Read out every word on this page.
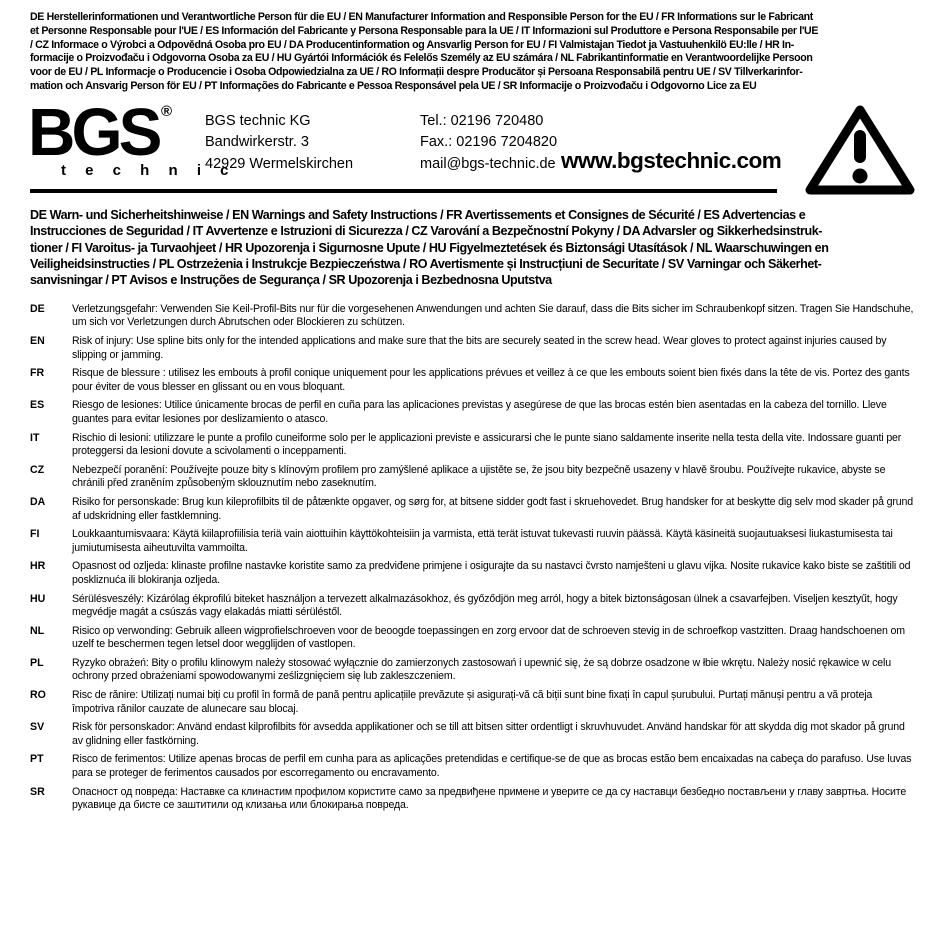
DE Herstellerinformationen und Verantwortliche Person für die EU / EN Manufacturer Information and Responsible Person for the EU / FR Informations sur le Fabricant
et Personne Responsable pour l'UE / ES Información del Fabricante y Persona Responsable para la UE / IT Informazioni sul Produttore e Persona Responsabile per l'UE
/ CZ Informace o Výrobci a Odpovědná Osoba pro EU / DA Producentinformation og Ansvarlig Person for EU / FI Valmistajan Tiedot ja Vastuuhenkilö EU:lle / HR In-
formacije o Proizvođaču i Odgovorna Osoba za EU / HU Gyártói Információk és Felelős Személy az EU számára / NL Fabrikantinformatie en Verantwoordelijke Persoon
voor de EU / PL Informacje o Producencie i Osoba Odpowiedzialna za UE / RO Informații despre Producător și Persoana Responsabilă pentru UE / SV Tillverkarinfor-
mation och Ansvarig Person för EU / PT Informações do Fabricante e Pessoa Responsável pela UE / SR Informacije o Proizvođaču i Odgovorno Lice za EU
BGS ®
t e c h n i c
BGS technic KG
Bandwirkerstr. 3
42929 Wermelskirchen
Tel.: 02196 720480
Fax.: 02196 7204820
mail@bgs-technic.de www.bgstechnic.com
DE Warn- und Sicherheitshinweise / EN Warnings and Safety Instructions / FR Avertissements et Consignes de Sécurité / ES Advertencias e
Instrucciones de Seguridad / IT Avvertenze e Istruzioni di Sicurezza / CZ Varování a Bezpečnostní Pokyny / DA Advarsler og Sikkerhedsinstruk-
tioner / FI Varoitus- ja Turvaohjeet / HR Upozorenja i Sigurnosne Upute / HU Figyelmeztetések és Biztonsági Utasítások / NL Waarschuwingen en
Veiligheidsinstructies / PL Ostrzeżenia i Instrukcje Bezpieczeństwa / RO Avertismente și Instrucțiuni de Securitate / SV Varningar och Säkerhet-
sanvisningar / PT Avisos e Instruções de Segurança / SR Upozorenja i Bezbednosna Uputstva
DE	Verletzungsgefahr: Verwenden Sie Keil-Profil-Bits nur für die vorgesehenen Anwendungen und achten Sie darauf, dass die Bits sicher im Schraubenkopf sitzen. Tragen Sie Handschuhe, um sich vor Verletzungen durch Abrutschen oder Blockieren zu schützen.
EN	Risk of injury: Use spline bits only for the intended applications and make sure that the bits are securely seated in the screw head. Wear gloves to protect against injuries caused by slipping or jamming.
FR	Risque de blessure : utilisez les embouts à profil conique uniquement pour les applications prévues et veillez à ce que les embouts soient bien fixés dans la tête de vis. Portez des gants pour éviter de vous blesser en glissant ou en vous bloquant.
ES	Riesgo de lesiones: Utilice únicamente brocas de perfil en cuña para las aplicaciones previstas y asegúrese de que las brocas estén bien asentadas en la cabeza del tornillo. Lleve guantes para evitar lesiones por deslizamiento o atasco.
IT	Rischio di lesioni: utilizzare le punte a profilo cuneiforme solo per le applicazioni previste e assicurarsi che le punte siano saldamente inserite nella testa della vite. Indossare guanti per proteggersi da lesioni dovute a scivolamenti o inceppamenti.
CZ	Nebezpečí poranění: Používejte pouze bity s klínovým profilem pro zamýšlené aplikace a ujistěte se, že jsou bity bezpečně usazeny v hlavě šroubu. Používejte rukavice, abyste se chránili před zraněním způsobeným sklouznutím nebo zaseknutím.
DA	Risiko for personskade: Brug kun kileprofilbits til de påtænkte opgaver, og sørg for, at bitsene sidder godt fast i skruehovedet. Brug handsker for at beskytte dig selv mod skader på grund af udskridning eller fastklemning.
FI	Loukkaantumisvaara: Käytä kiilaprofiilisia teriä vain aiottuihin käyttökohteisiin ja varmista, että terät istuvat tukevasti ruuvin päässä. Käytä käsineitä suojautuaksesi liukastumisesta tai jumiutumisesta aiheutuvilta vammoilta.
HR	Opasnost od ozljeda: klinaste profilne nastavke koristite samo za predviđene primjene i osigurajte da su nastavci čvrsto namješteni u glavu vijka. Nosite rukavice kako biste se zaštitili od poskliznuća ili blokiranja ozljeda.
HU	Sérülésveszély: Kizárólag ékprofilú biteket használjon a tervezett alkalmazásokhoz, és győződjön meg arról, hogy a bitek biztonságosan ülnek a csavarfejben. Viseljen kesztyűt, hogy megvédje magát a csúszás vagy elakadás miatti sérüléstől.
NL	Risico op verwonding: Gebruik alleen wigprofielschroeven voor de beoogde toepassingen en zorg ervoor dat de schroeven stevig in de schroefkop vastzitten. Draag handschoenen om uzelf te beschermen tegen letsel door wegglijden of vastlopen.
PL	Ryzyko obrażeń: Bity o profilu klinowym należy stosować wyłącznie do zamierzonych zastosowań i upewnić się, że są dobrze osadzone w łbie wkrętu. Należy nosić rękawice w celu ochrony przed obrażeniami spowodowanymi ześlizgnięciem się lub zakleszczeniem.
RO Risc de rănire: Utilizați numai biți cu profil în formă de pană pentru aplicațiile prevăzute și asigurați-vă că biții sunt bine fixați în capul șurubului. Purtați mănuși pentru a vă proteja împotriva rănilor cauzate de alunecare sau blocaj.
SV	Risk för personskador: Använd endast kilprofilbits för avsedda applikationer och se till att bitsen sitter ordentligt i skruvhuvudet. Använd handskar för att skydda dig mot skador på grund av glidning eller fastkörning.
PT	Risco de ferimentos: Utilize apenas brocas de perfil em cunha para as aplicações pretendidas e certifique-se de que as brocas estão bem encaixadas na cabeça do parafuso. Use luvas para se proteger de ferimentos causados por escorregamento ou encravamento.
SR	Опасност од повреда: Наставке са клинастим профилом користите само за предвиђене примене и уверите се да су наставци безбедно постављени у главу завртња. Носите рукавице да бисте се заштитили од клизања или блокирања повреда.
